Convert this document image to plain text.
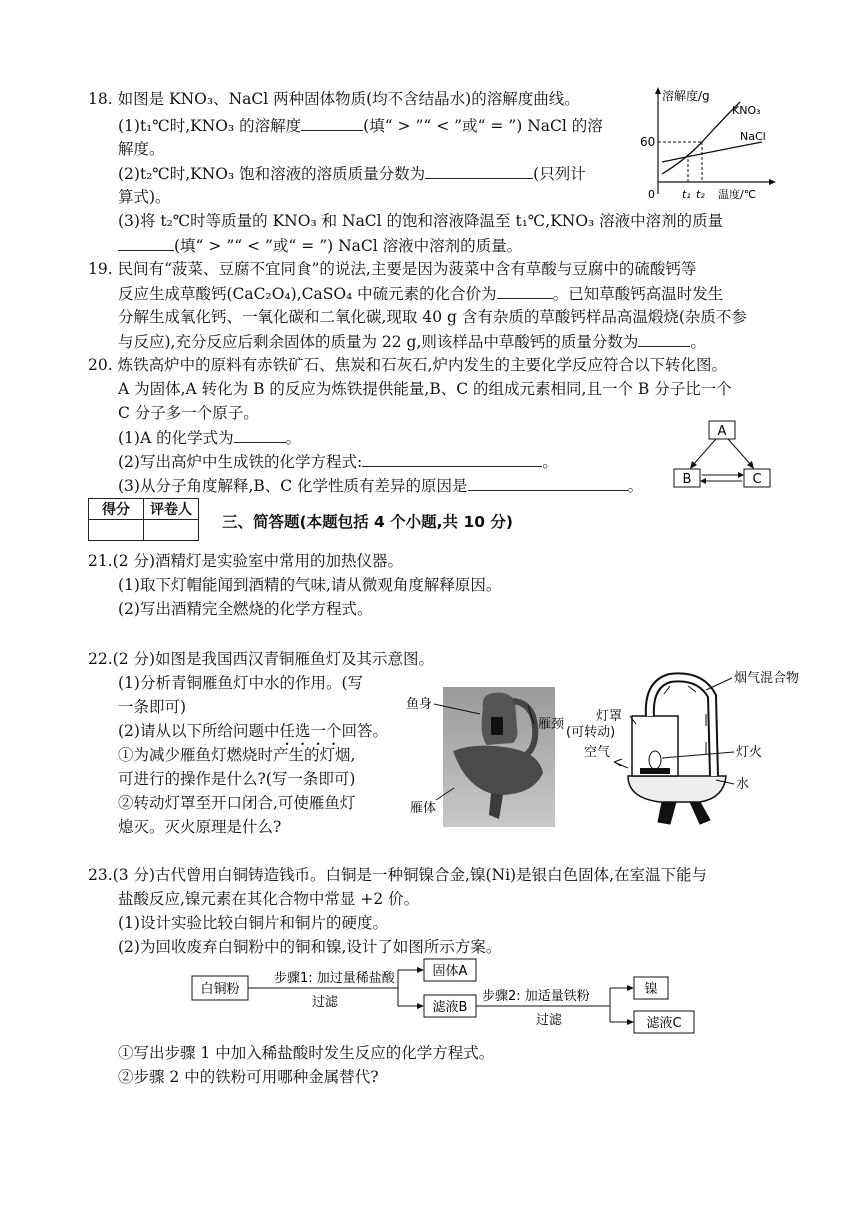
18. 如图是 KNO₃、NaCl 两种固体物质(均不含结晶水)的溶解度曲线。
(1)t₁℃时,KNO₃ 的溶解度	(填“ > ”“ < ”或“ = ”) NaCl 的溶
解度。
(2)t₂℃时,KNO₃ 饱和溶液的溶质质量分数为	(只列计
算式)。
(3)将 t₂℃时等质量的 KNO₃ 和 NaCl 的饱和溶液降温至 t₁℃,KNO₃ 溶液中溶剂的质量
(填“ > ”“ < ”或“ = ”) NaCl 溶液中溶剂的质量。
溶解度/g
60
0 t₁ t₂ 温度/℃
KNO₃
NaCl
19. 民间有“菠菜、豆腐不宜同食”的说法,主要是因为菠菜中含有草酸与豆腐中的硫酸钙等
反应生成草酸钙(CaC₂O₄),CaSO₄ 中硫元素的化合价为	。已知草酸钙高温时发生
分解生成氧化钙、一氧化碳和二氧化碳,现取 40 g 含有杂质的草酸钙样品高温煅烧(杂质不参
与反应),充分反应后剩余固体的质量为 22 g,则该样品中草酸钙的质量分数为	。
20. 炼铁高炉中的原料有赤铁矿石、焦炭和石灰石,炉内发生的主要化学反应符合以下转化图。
A 为固体,A 转化为 B 的反应为炼铁提供能量,B、C 的组成元素相同,且一个 B 分子比一个
C 分子多一个原子。
(1)A 的化学式为	。
(2)写出高炉中生成铁的化学方程式:	。
(3)从分子角度解释,B、C 化学性质有差异的原因是	。
A
B	C
得分	评卷人

三、简答题(本题包括 4 个小题,共 10 分)
21.(2 分)酒精灯是实验室中常用的加热仪器。
(1)取下灯帽能闻到酒精的气味,请从微观角度解释原因。
(2)写出酒精完全燃烧的化学方程式。
22.(2 分)如图是我国西汉青铜雁鱼灯及其示意图。
(1)分析青铜雁鱼灯中水的作用。(写
一条即可)
(2)请从以下所给问题中任选一个回答。
①为减少雁鱼灯燃烧时产生的灯烟,
可进行的操作是什么?(写一条即可)
②转动灯罩至开口闭合,可使雁鱼灯
熄灭。灭火原理是什么?
鱼身
雁颈
雁体
烟气混合物
灯罩
(可转动)
空气	灯火
水
23.(3 分)古代曾用白铜铸造钱币。白铜是一种铜镍合金,镍(Ni)是银白色固体,在室温下能与
盐酸反应,镍元素在其化合物中常显 +2 价。
(1)设计实验比较白铜片和铜片的硬度。
(2)为回收废弃白铜粉中的铜和镍,设计了如图所示方案。
白铜粉
步骤1: 加过量稀盐酸
过滤
固体A
滤液B
步骤2: 加适量铁粉
过滤
镍
滤液C
①写出步骤 1 中加入稀盐酸时发生反应的化学方程式。
②步骤 2 中的铁粉可用哪种金属替代?
